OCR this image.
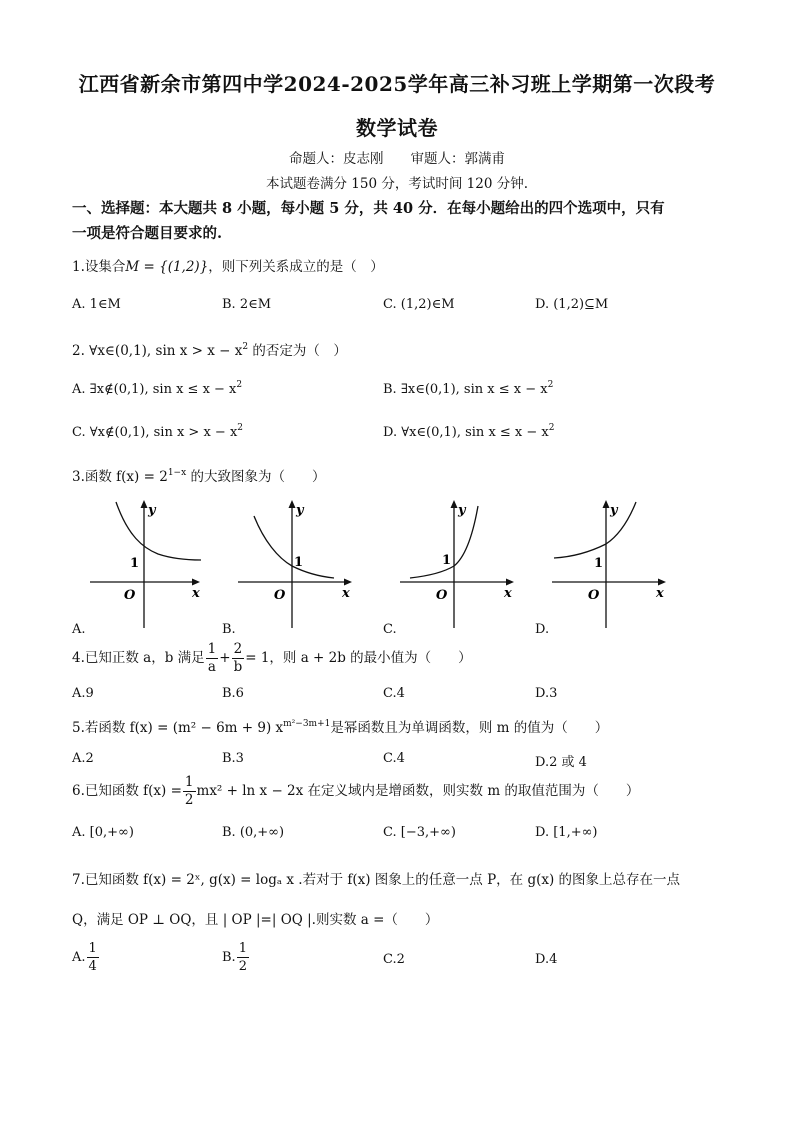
江西省新余市第四中学2024-2025学年高三补习班上学期第一次段考
数学试卷
命题人：皮志刚　　审题人：郭满甫
本试题卷满分 150 分，考试时间 120 分钟.
一、选择题：本大题共 8 小题，每小题 5 分，共 40 分．在每小题给出的四个选项中，只有
一项是符合题目要求的.
1.设集合M = {(1,2)}，则下列关系成立的是（　）
A. 1∈M	B. 2∈M	C. (1,2)∈M	D. (1,2)⊆M
2. ∀x∈(0,1), $\sin x > x - x^2$ 的否定为（　）
A. ∃x∉(0,1), $\sin x \le x - x^2$	B. ∃x∈(0,1), $\sin x \le x - x^2$
C. ∀x∉(0,1), $\sin x > x - x^2$	D. ∀x∈(0,1), $\sin x \le x - x^2$
3.函数 $f(x) = 2^{1-x}$ 的大致图象为（　　）
y
x
O
1
A.
y
x
O
1
B.
y
x
O
1
C.
y
x
O
1
D.
4.已知正数 a，b 满足 $\frac{1}{a} + \frac{2}{b} = 1$，则 a + 2b 的最小值为（　　）
A.9	B.6	C.4	D.3
5.若函数 f(x) = (m² − 6m + 9) $x^{m^2-3m+1}$是幂函数且为单调函数，则 m 的值为（　　）
A.2	B.3	C.4	D.2 或 4
6.已知函数 $f(x) = \frac{1}{2} mx^2 + \ln x - 2x$ 在定义域内是增函数，则实数 m 的取值范围为（　　）
A. [0,+∞)	B. (0,+∞)	C. [−3,+∞)	D. [1,+∞)
7.已知函数 f(x) = 2ˣ, g(x) = logₐ x .若对于 f(x) 图象上的任意一点 P，在 g(x) 的图象上总存在一点
Q，满足 OP ⊥ OQ，且 | OP |=| OQ |.则实数 a =（　　）
A. $\frac{1}{4}$	B. $\frac{1}{2}$	C.2	D.4
